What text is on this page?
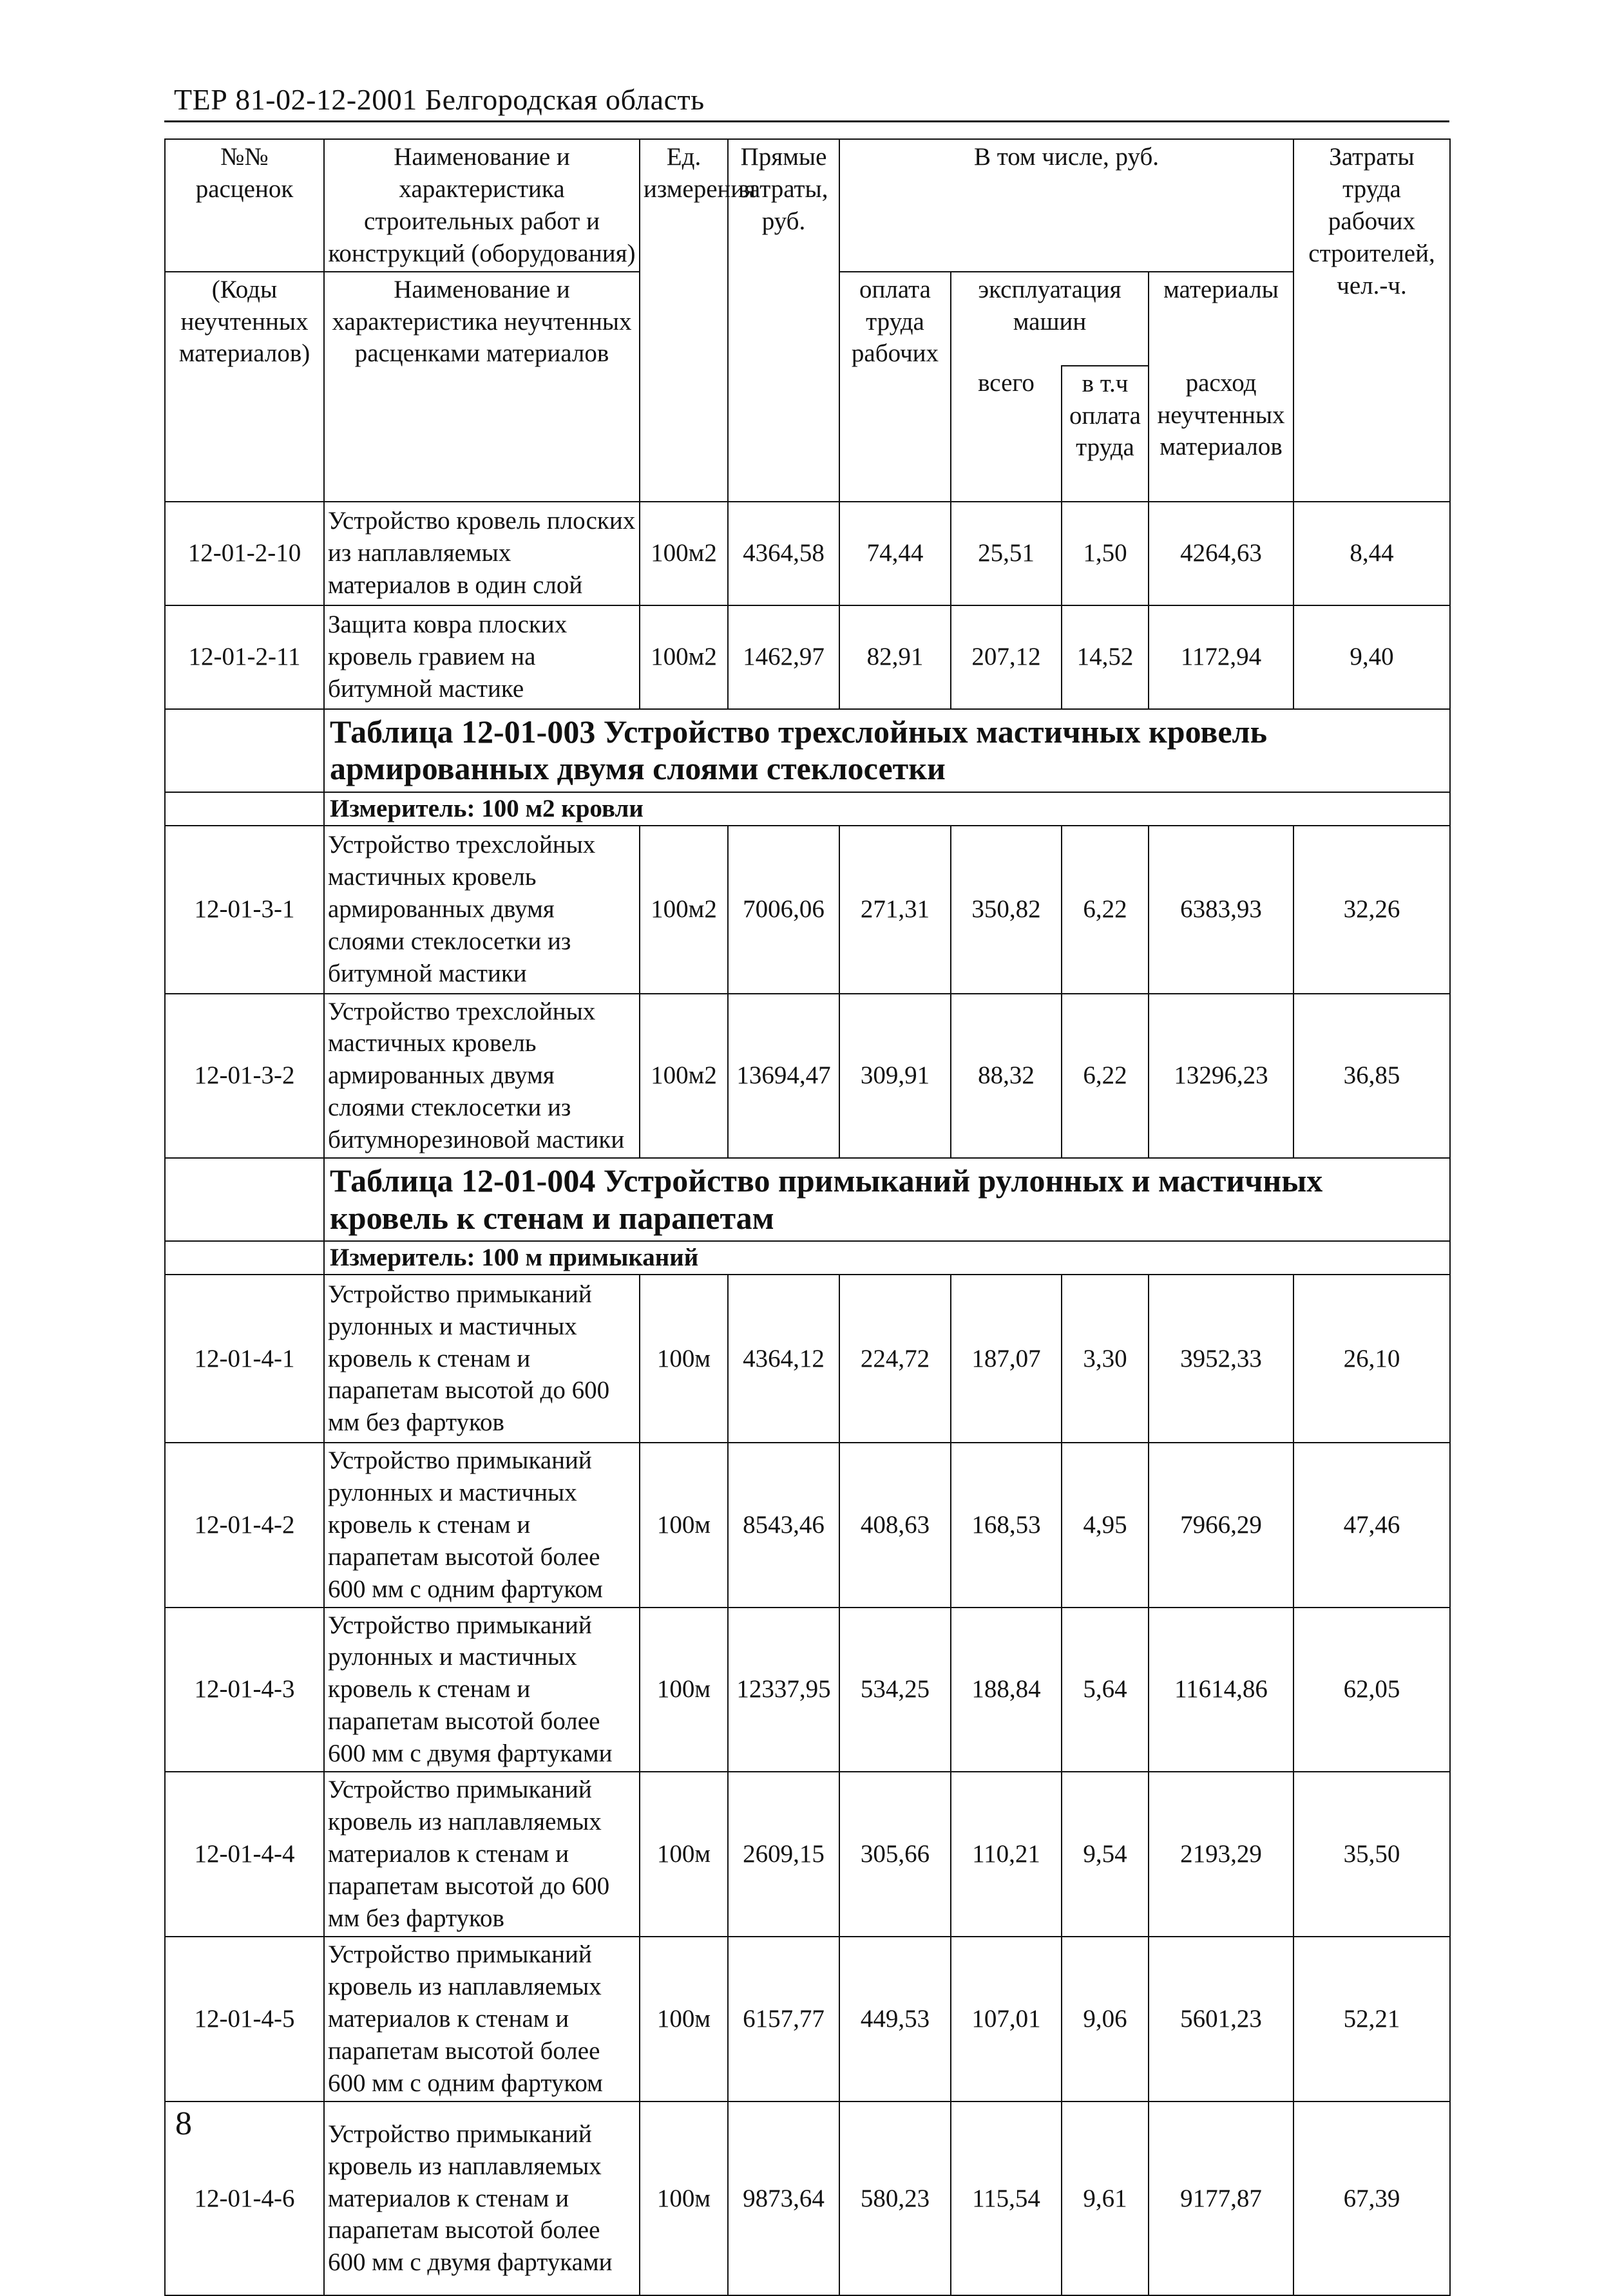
ТЕР 81-02-12-2001 Белгородская область
№№ расценок	Наименование и характеристика строительных работ и конструкций (оборудования)	Ед. измерения	Прямые затраты, руб.	В том числе, руб.				Затраты труда рабочих строителей, чел.-ч.
(Коды неучтенных материалов)	Наименование и характеристика неучтенных расценками материалов			оплата труда рабочих	эксплуатация машин		материалы	
					всего	в т.ч оплата труда	расход неучтенных материалов	
12-01-2-10	Устройство кровель плоских из наплавляемых материалов в один слой	100м2	4364,58	74,44	25,51	1,50	4264,63	8,44
12-01-2-11	Защита ковра плоских кровель гравием на битумной мастике	100м2	1462,97	82,91	207,12	14,52	1172,94	9,40
	Таблица 12-01-003 Устройство трехслойных мастичных кровель армированных двумя слоями стеклосетки							
	Измеритель: 100 м2 кровли							
12-01-3-1	Устройство трехслойных мастичных кровель армированных двумя слоями стеклосетки из битумной мастики	100м2	7006,06	271,31	350,82	6,22	6383,93	32,26
12-01-3-2	Устройство трехслойных мастичных кровель армированных двумя слоями стеклосетки из битумнорезиновой мастики	100м2	13694,47	309,91	88,32	6,22	13296,23	36,85
	Таблица 12-01-004 Устройство примыканий рулонных и мастичных кровель к стенам и парапетам							
	Измеритель: 100 м примыканий							
12-01-4-1	Устройство примыканий рулонных и мастичных кровель к стенам и парапетам высотой до 600 мм без фартуков	100м	4364,12	224,72	187,07	3,30	3952,33	26,10
12-01-4-2	Устройство примыканий рулонных и мастичных кровель к стенам и парапетам высотой более 600 мм с одним фартуком	100м	8543,46	408,63	168,53	4,95	7966,29	47,46
12-01-4-3	Устройство примыканий рулонных и мастичных кровель к стенам и парапетам высотой более 600 мм с двумя фартуками	100м	12337,95	534,25	188,84	5,64	11614,86	62,05
12-01-4-4	Устройство примыканий кровель из наплавляемых материалов к стенам и парапетам высотой до 600 мм без фартуков	100м	2609,15	305,66	110,21	9,54	2193,29	35,50
12-01-4-5	Устройство примыканий кровель из наплавляемых материалов к стенам и парапетам высотой более 600 мм с одним фартуком	100м	6157,77	449,53	107,01	9,06	5601,23	52,21
12-01-4-6	Устройство примыканий кровель из наплавляемых материалов к стенам и парапетам высотой более 600 мм с двумя фартуками	100м	9873,64	580,23	115,54	9,61	9177,87	67,39
8
